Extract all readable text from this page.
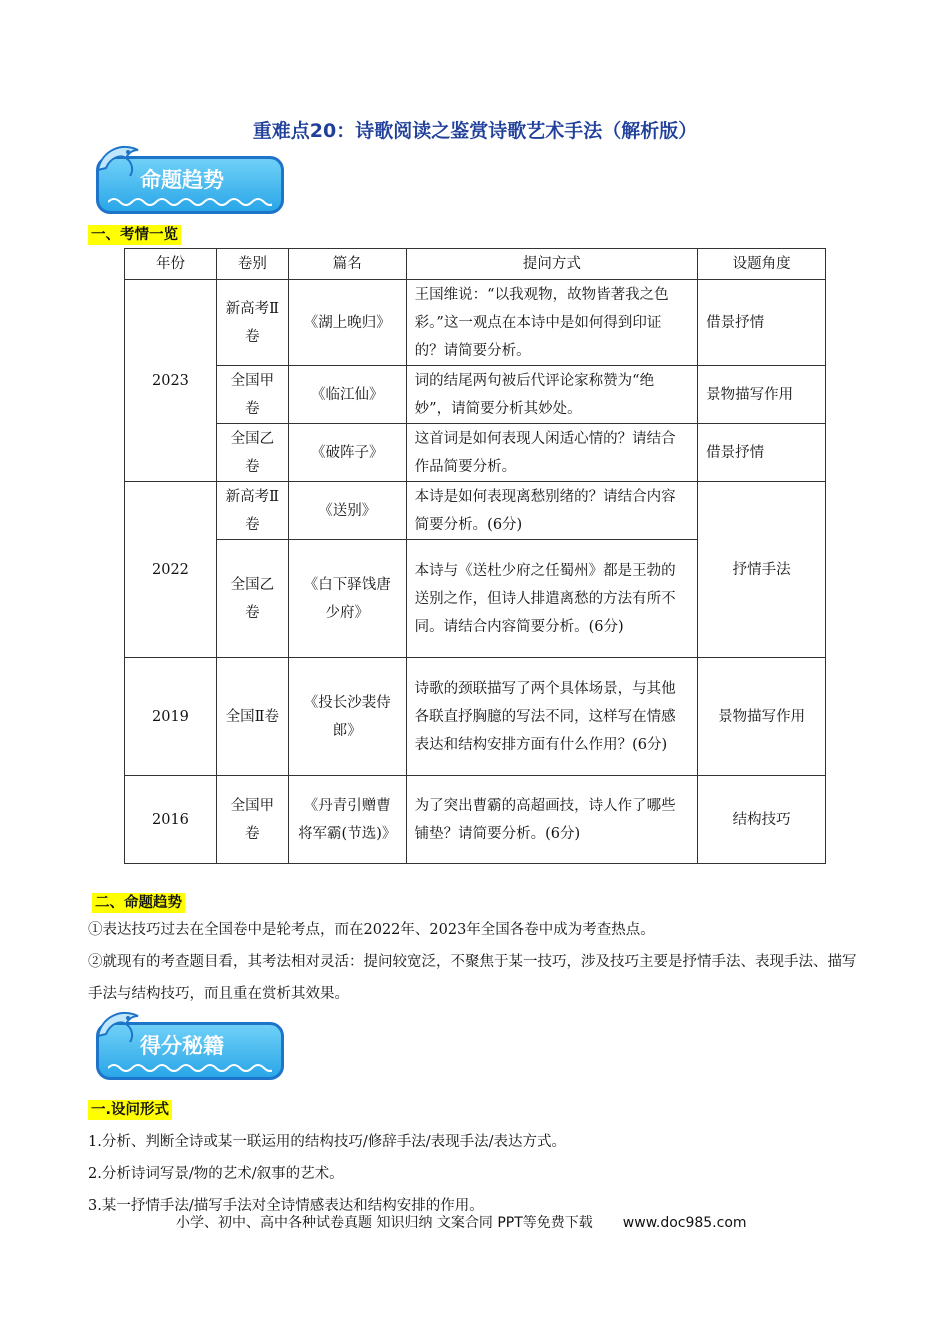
重难点20：诗歌阅读之鉴赏诗歌艺术手法（解析版）
命题趋势
一、考情一览
年份	卷别	篇名	提问方式	设题角度
2023	新高考Ⅱ卷	《湖上晚归》	王国维说：“以我观物，故物皆著我之色彩。”这一观点在本诗中是如何得到印证的？请简要分析。	借景抒情
	全国甲卷	《临江仙》	词的结尾两句被后代评论家称赞为“绝妙”，请简要分析其妙处。	景物描写作用
	全国乙卷	《破阵子》	这首词是如何表现人闲适心情的？请结合作品简要分析。	借景抒情
2022	新高考Ⅱ卷	《送别》	本诗是如何表现离愁别绪的？请结合内容简要分析。(6分)	抒情手法
	全国乙卷	《白下驿饯唐少府》	本诗与《送杜少府之任蜀州》都是王勃的送别之作，但诗人排遣离愁的方法有所不同。请结合内容简要分析。(6分)	
2019	全国Ⅱ卷	《投长沙裴侍郎》	诗歌的颈联描写了两个具体场景，与其他各联直抒胸臆的写法不同，这样写在情感表达和结构安排方面有什么作用？(6分)	景物描写作用
2016	全国甲卷	《丹青引赠曹将军霸(节选)》	为了突出曹霸的高超画技，诗人作了哪些铺垫？请简要分析。(6分)	结构技巧
二、命题趋势
①表达技巧过去在全国卷中是轮考点，而在2022年、2023年全国各卷中成为考查热点。
②就现有的考查题目看，其考法相对灵活：提问较宽泛，不聚焦于某一技巧，涉及技巧主要是抒情手法、表现手法、描写手法与结构技巧，而且重在赏析其效果。
得分秘籍
一.设问形式
1.分析、判断全诗或某一联运用的结构技巧/修辞手法/表现手法/表达方式。
2.分析诗词写景/物的艺术/叙事的艺术。
3.某一抒情手法/描写手法对全诗情感表达和结构安排的作用。
小学、初中、高中各种试卷真题 知识归纳 文案合同 PPT等免费下载 www.doc985.com
